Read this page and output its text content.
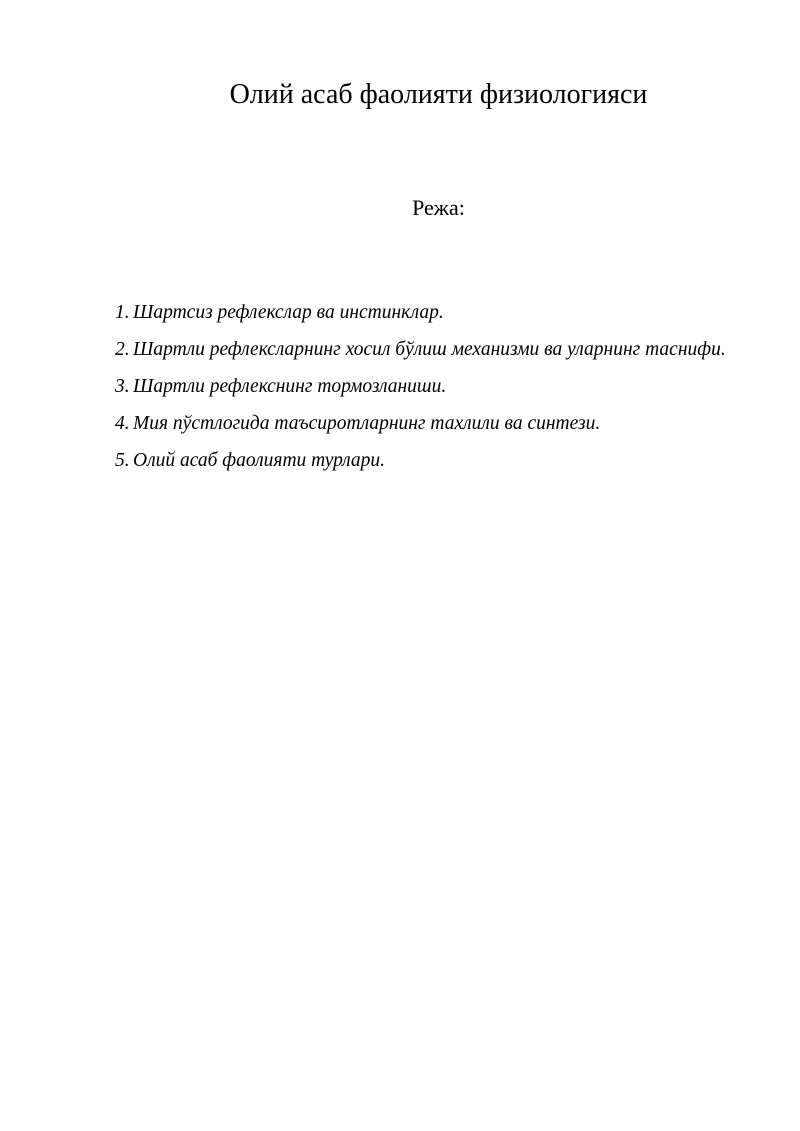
Олий асаб фаолияти физиологияси
Режа:
1. Шартсиз рефлекслар ва инстинклар.
2. Шартли рефлексларнинг хосил бўлиш механизми ва уларнинг таснифи.
3. Шартли рефлекснинг тормозланиши.
4. Мия пўстлогида таъсиротларнинг тахлили ва синтези.
5. Олий асаб фаолияти турлари.
